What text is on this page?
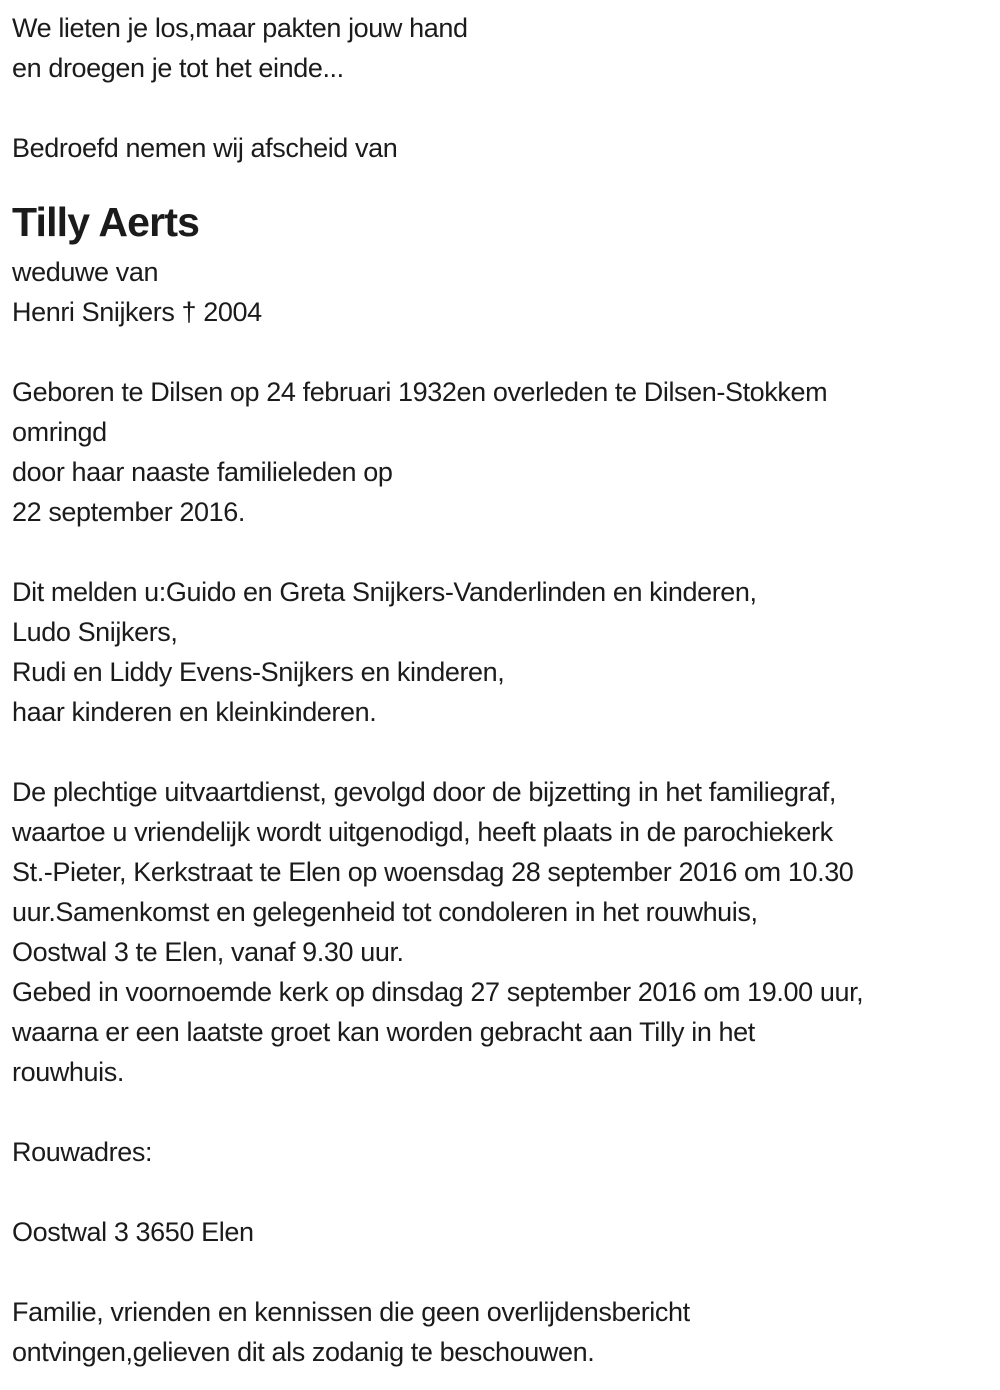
We lieten je los,maar pakten jouw hand
en droegen je tot het einde...
Bedroefd nemen wij afscheid van
Tilly Aerts
weduwe van
Henri Snijkers † 2004
Geboren te Dilsen op 24 februari 1932en overleden te Dilsen-Stokkem
omringd
door haar naaste familieleden op
22 september 2016.
Dit melden u:Guido en Greta Snijkers-Vanderlinden en kinderen,
Ludo Snijkers,
Rudi en Liddy Evens-Snijkers en kinderen,
haar kinderen en kleinkinderen.
De plechtige uitvaartdienst, gevolgd door de bijzetting in het familiegraf,
waartoe u vriendelijk wordt uitgenodigd, heeft plaats in de parochiekerk
St.-Pieter, Kerkstraat te Elen op woensdag 28 september 2016 om 10.30
uur.Samenkomst en gelegenheid tot condoleren in het rouwhuis,
Oostwal 3 te Elen, vanaf 9.30 uur.
Gebed in voornoemde kerk op dinsdag 27 september 2016 om 19.00 uur,
waarna er een laatste groet kan worden gebracht aan Tilly in het
rouwhuis.
Rouwadres:
Oostwal 3 3650 Elen
Familie, vrienden en kennissen die geen overlijdensbericht
ontvingen,gelieven dit als zodanig te beschouwen.
